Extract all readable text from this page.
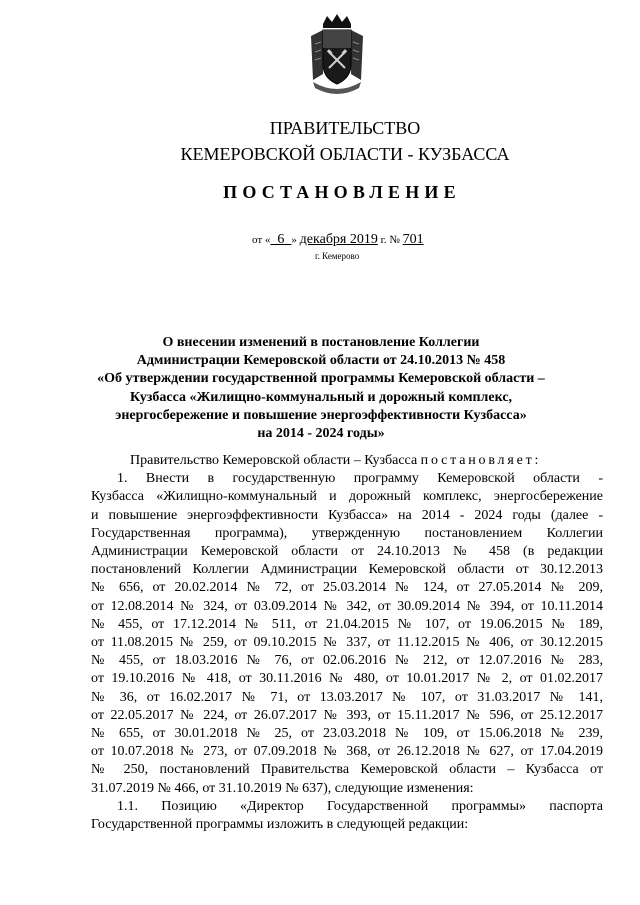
ПРАВИТЕЛЬСТВО
КЕМЕРОВСКОЙ ОБЛАСТИ - КУЗБАССА
ПОСТАНОВЛЕНИЕ
от « 6 » декабря 2019 г. № 701
г. Кемерово
О внесении изменений в постановление Коллегии
Администрации Кемеровской области от 24.10.2013 № 458
«Об утверждении государственной программы Кемеровской области –
Кузбасса «Жилищно-коммунальный и дорожный комплекс,
энергосбережение и повышение энергоэффективности Кузбасса»
на 2014 - 2024 годы»
Правительство Кемеровской области – Кузбасса постановляет:
1. Внести в государственную программу Кемеровской области -
Кузбасса «Жилищно-коммунальный и дорожный комплекс, энергосбережение
и повышение энергоэффективности Кузбасса» на 2014 - 2024 годы (далее -
Государственная программа), утвержденную постановлением Коллегии
Администрации Кемеровской области от 24.10.2013 № 458 (в редакции
постановлений Коллегии Администрации Кемеровской области от 30.12.2013
№ 656, от 20.02.2014 № 72, от 25.03.2014 № 124, от 27.05.2014 № 209,
от 12.08.2014 № 324, от 03.09.2014 № 342, от 30.09.2014 № 394, от 10.11.2014
№ 455, от 17.12.2014 № 511, от 21.04.2015 № 107, от 19.06.2015 № 189,
от 11.08.2015 № 259, от 09.10.2015 № 337, от 11.12.2015 № 406, от 30.12.2015
№ 455, от 18.03.2016 № 76, от 02.06.2016 № 212, от 12.07.2016 № 283,
от 19.10.2016 № 418, от 30.11.2016 № 480, от 10.01.2017 № 2, от 01.02.2017
№ 36, от 16.02.2017 № 71, от 13.03.2017 № 107, от 31.03.2017 № 141,
от 22.05.2017 № 224, от 26.07.2017 № 393, от 15.11.2017 № 596, от 25.12.2017
№ 655, от 30.01.2018 № 25, от 23.03.2018 № 109, от 15.06.2018 № 239,
от 10.07.2018 № 273, от 07.09.2018 № 368, от 26.12.2018 № 627, от 17.04.2019
№ 250, постановлений Правительства Кемеровской области – Кузбасса от
31.07.2019 № 466, от 31.10.2019 № 637), следующие изменения:
1.1. Позицию «Директор Государственной программы» паспорта
Государственной программы изложить в следующей редакции:
